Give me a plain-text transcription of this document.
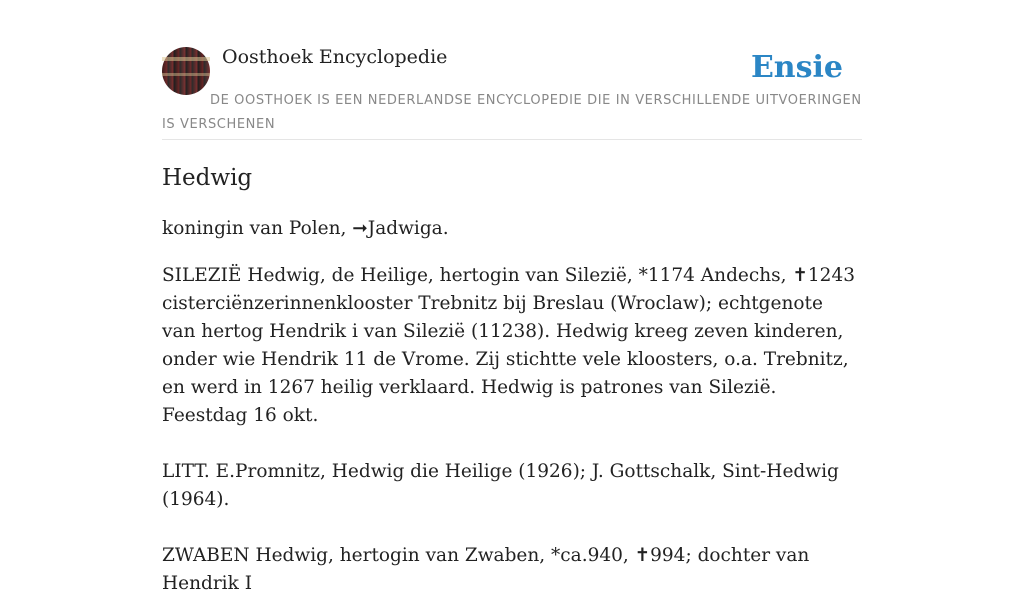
Oosthoek Encyclopedie	Ensie
DE OOSTHOEK IS EEN NEDERLANDSE ENCYCLOPEDIE DIE IN VERSCHILLENDE UITVOERINGEN IS VERSCHENEN
Hedwig

koningin van Polen, ➞Jadwiga.

SILEZIË Hedwig, de Heilige, hertogin van Silezië, *1174 Andechs, ✝1243 cisterciënzerinnenklooster Trebnitz bij Breslau (Wroclaw); echtgenote van hertog Hendrik i van Silezië (11238). Hedwig kreeg zeven kinderen, onder wie Hendrik 11 de Vrome. Zij stichtte vele kloosters, o.a. Trebnitz, en werd in 1267 heilig verklaard. Hedwig is patrones van Silezië. Feestdag 16 okt.

LITT. E.Promnitz, Hedwig die Heilige (1926); J. Gottschalk, Sint-Hedwig (1964).

ZWABEN Hedwig, hertogin van Zwaben, *ca.940, ✝994; dochter van Hendrik I
